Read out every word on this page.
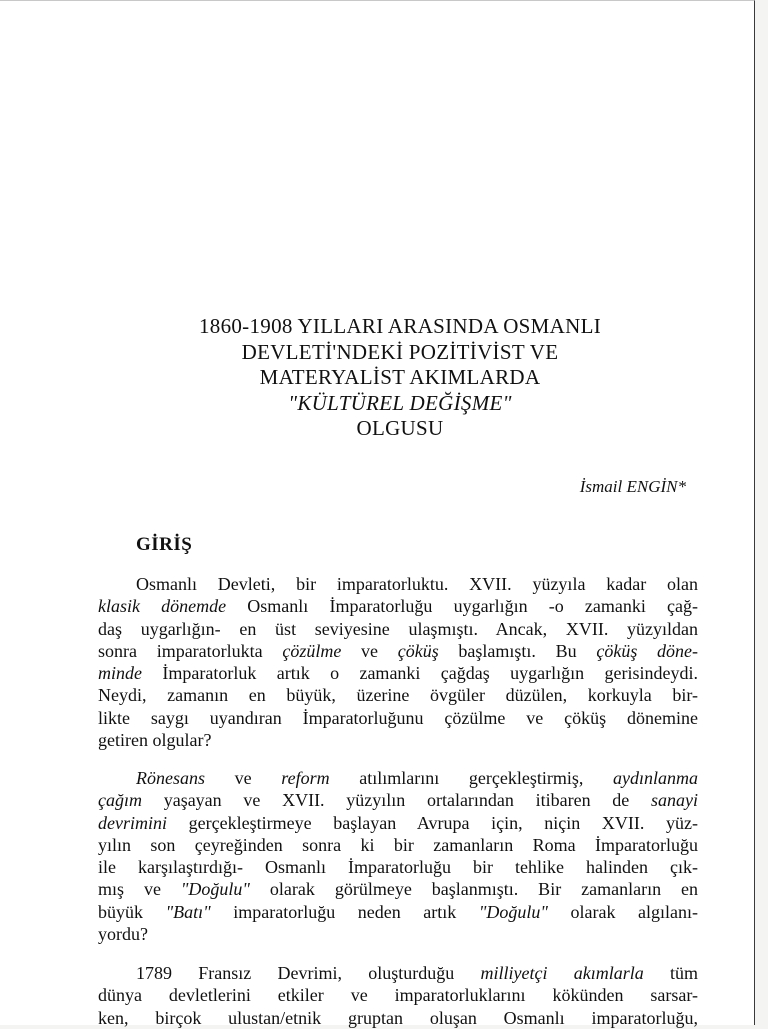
1860-1908 YILLARI ARASINDA OSMANLI
DEVLETİ'NDEKİ POZİTİVİST VE
MATERYALİST AKIMLARDA
"KÜLTÜREL DEĞİŞME"
OLGUSU
İsmail ENGİN*
GİRİŞ
Osmanlı Devleti, bir imparatorluktu. XVII. yüzyıla kadar olan
klasik dönemde Osmanlı İmparatorluğu uygarlığın -o zamanki çağ-
daş uygarlığın- en üst seviyesine ulaşmıştı. Ancak, XVII. yüzyıldan
sonra imparatorlukta çözülme ve çöküş başlamıştı. Bu çöküş döne-
minde İmparatorluk artık o zamanki çağdaş uygarlığın gerisindeydi.
Neydi, zamanın en büyük, üzerine övgüler düzülen, korkuyla bir-
likte saygı uyandıran İmparatorluğunu çözülme ve çöküş dönemine
getiren olgular?
Rönesans ve reform atılımlarını gerçekleştirmiş, aydınlanma
çağım yaşayan ve XVII. yüzyılın ortalarından itibaren de sanayi
devrimini gerçekleştirmeye başlayan Avrupa için, niçin XVII. yüz-
yılın son çeyreğinden sonra ki bir zamanların Roma İmparatorluğu
ile karşılaştırdığı- Osmanlı İmparatorluğu bir tehlike halinden çık-
mış ve "Doğulu" olarak görülmeye başlanmıştı. Bir zamanların en
büyük "Batı" imparatorluğu neden artık "Doğulu" olarak algılanı-
yordu?
1789 Fransız Devrimi, oluşturduğu milliyetçi akımlarla tüm
dünya devletlerini etkiler ve imparatorluklarını kökünden sarsar-
ken, birçok ulustan/etnik gruptan oluşan Osmanlı imparatorluğu,
